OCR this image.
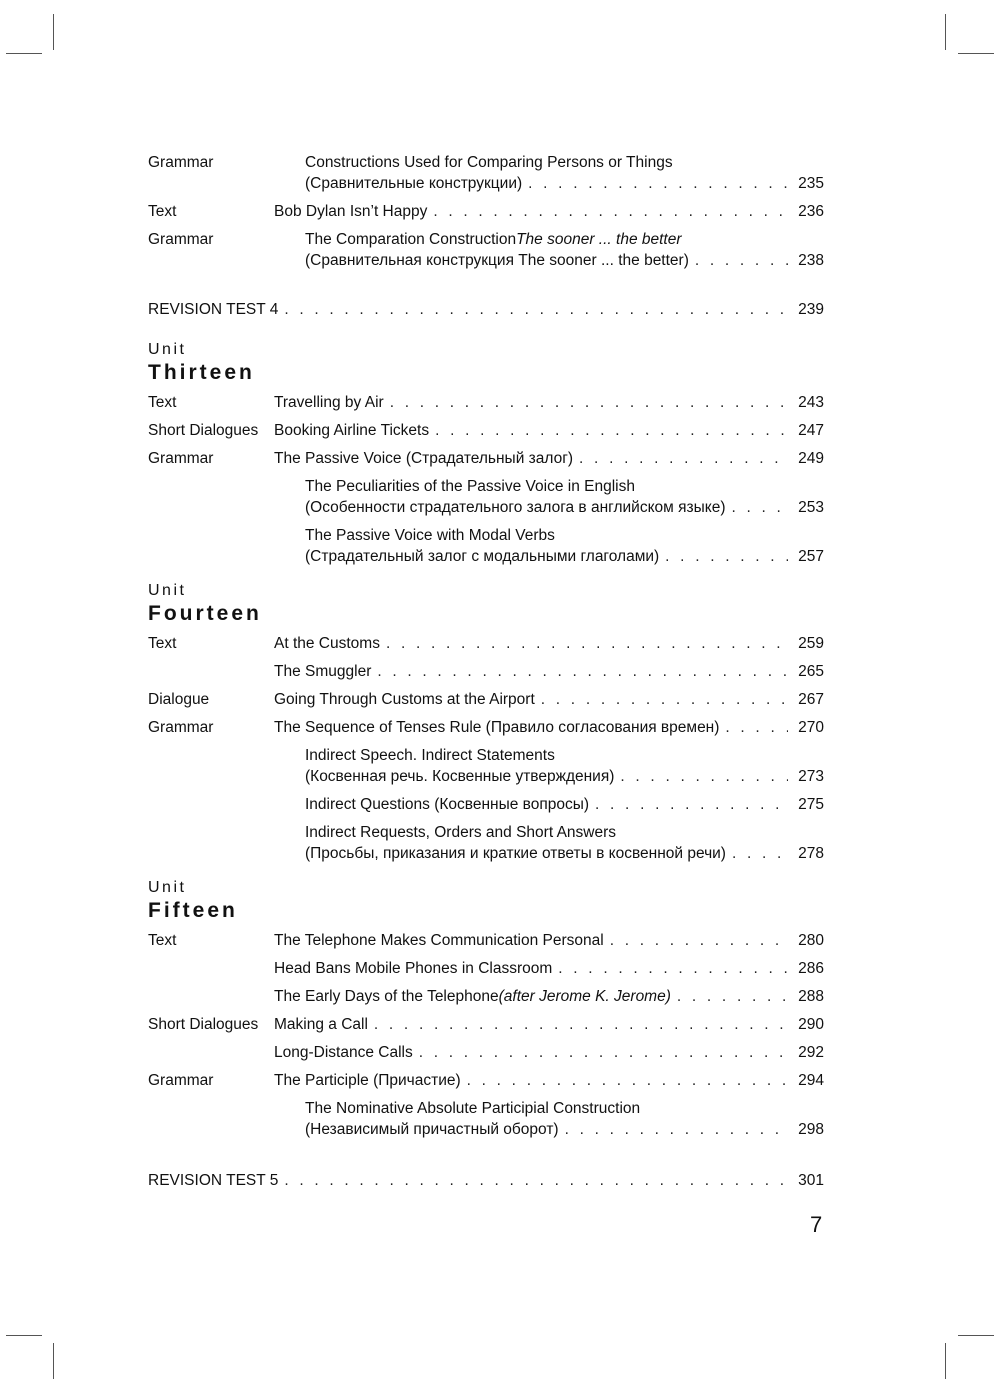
Grammar	Constructions Used for Comparing Persons or Things
(Сравнительные конструкции) . . .	235
Text	Bob Dylan Isn’t Happy . . .	236
Grammar	The Comparation Construction The sooner ... the better
(Сравнительная конструкция The sooner ... the better) . . .	238
REVISION TEST 4 . . .	239
Unit
Thirteen
Text	Travelling by Air . . .	243
Short Dialogues Booking Airline Tickets . . .	247
Grammar	The Passive Voice (Страдательный залог) . . .	249
The Peculiarities of the Passive Voice in English
(Особенности страдательного залога в английском языке) . . .	253
The Passive Voice with Modal Verbs
(Страдательный залог с модальными глаголами) . . .	257
Unit
Fourteen
Text	At the Customs . . .	259
The Smuggler . . .	265
Dialogue	Going Through Customs at the Airport . . .	267
Grammar	The Sequence of Tenses Rule (Правило согласования времен) . . .	270
Indirect Speech. Indirect Statements
(Косвенная речь. Косвенные утверждения) . . .	273
Indirect Questions (Косвенные вопросы) . . .	275
Indirect Requests, Orders and Short Answers
(Просьбы, приказания и краткие ответы в косвенной речи) . . .	278
Unit
Fifteen
Text	The Telephone Makes Communication Personal . . .	280
Head Bans Mobile Phones in Classroom . . .	286
The Early Days of the Telephone (after Jerome K. Jerome) . . .	288
Short Dialogues Making a Call . . .	290
Long-Distance Calls . . .	292
Grammar	The Participle (Причастие) . . .	294
The Nominative Absolute Participial Construction
(Независимый причастный оборот) . . .	298
REVISION TEST 5 . . .	301
7
